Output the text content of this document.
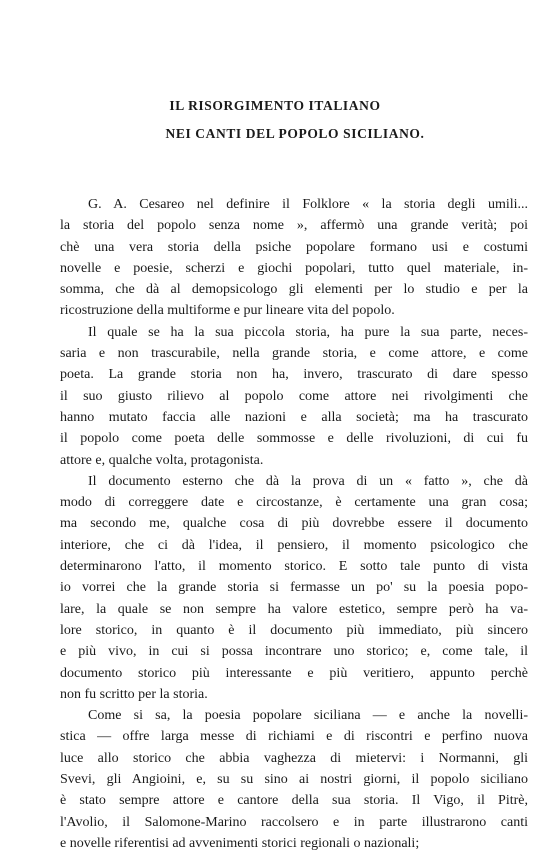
IL RISORGIMENTO ITALIANO
NEI CANTI DEL POPOLO SICILIANO.
G. A. Cesareo nel definire il Folklore « la storia degli umili...
la storia del popolo senza nome », affermò una grande verità; poi
chè una vera storia della psiche popolare formano usi e costumi
novelle e poesie, scherzi e giochi popolari, tutto quel materiale, in-
somma, che dà al demopsicologo gli elementi per lo studio e per la
ricostruzione della multiforme e pur lineare vita del popolo.
Il quale se ha la sua piccola storia, ha pure la sua parte, neces-
saria e non trascurabile, nella grande storia, e come attore, e come
poeta. La grande storia non ha, invero, trascurato di dare spesso
il suo giusto rilievo al popolo come attore nei rivolgimenti che
hanno mutato faccia alle nazioni e alla società; ma ha trascurato
il popolo come poeta delle sommosse e delle rivoluzioni, di cui fu
attore e, qualche volta, protagonista.
Il documento esterno che dà la prova di un « fatto », che dà
modo di correggere date e circostanze, è certamente una gran cosa;
ma secondo me, qualche cosa di più dovrebbe essere il documento
interiore, che ci dà l'idea, il pensiero, il momento psicologico che
determinarono l'atto, il momento storico. E sotto tale punto di vista
io vorrei che la grande storia si fermasse un po' su la poesia popo-
lare, la quale se non sempre ha valore estetico, sempre però ha va-
lore storico, in quanto è il documento più immediato, più sincero
e più vivo, in cui si possa incontrare uno storico; e, come tale, il
documento storico più interessante e più veritiero, appunto perchè
non fu scritto per la storia.
Come si sa, la poesia popolare siciliana — e anche la novelli-
stica — offre larga messe di richiami e di riscontri e perfino nuova
luce allo storico che abbia vaghezza di mietervi: i Normanni, gli
Svevi, gli Angioini, e, su su sino ai nostri giorni, il popolo siciliano
è stato sempre attore e cantore della sua storia. Il Vigo, il Pitrè,
l'Avolio, il Salomone-Marino raccolsero e in parte illustrarono canti
e novelle riferentisi ad avvenimenti storici regionali o nazionali;
